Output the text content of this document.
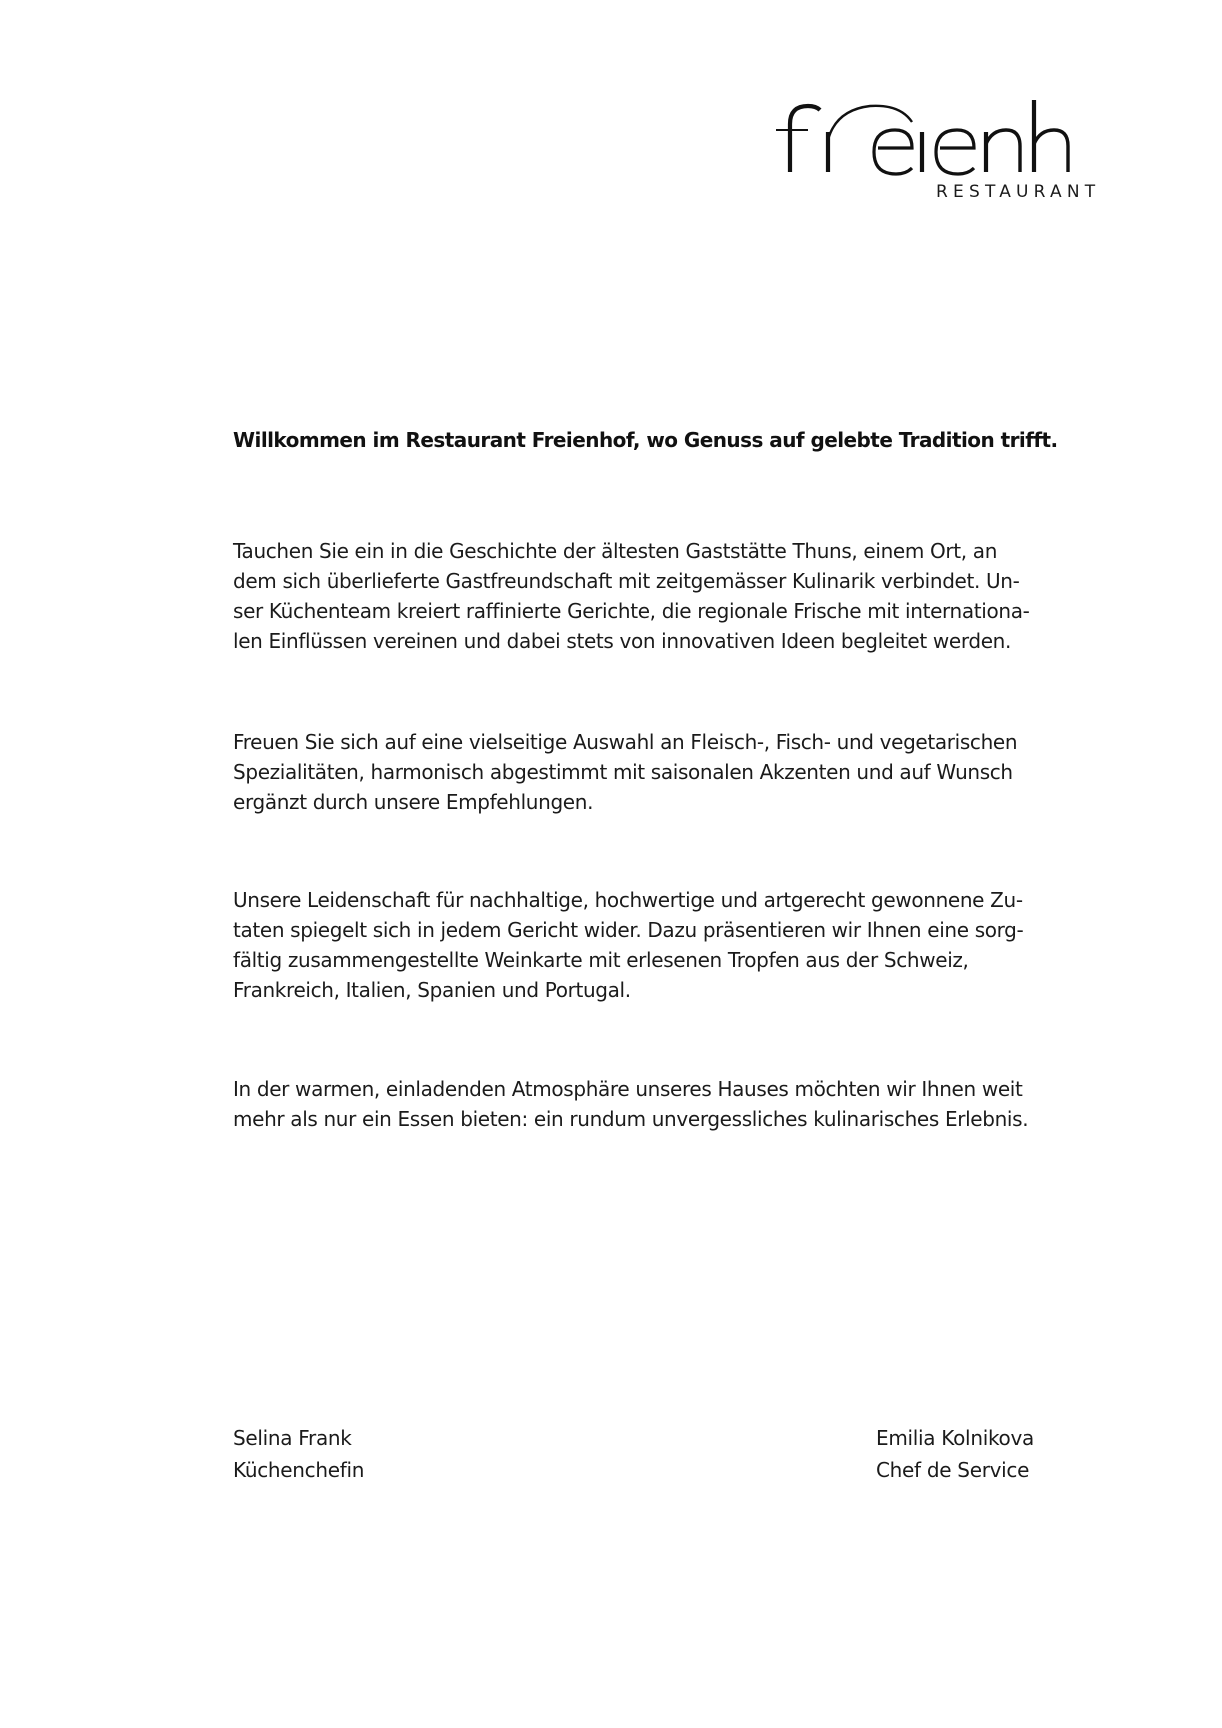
RESTAURANT
Willkommen im Restaurant Freienhof, wo Genuss auf gelebte Tradition trifft.
Tauchen Sie ein in die Geschichte der ältesten Gaststätte Thuns, einem Ort, an
dem sich überlieferte Gastfreundschaft mit zeitgemässer Kulinarik verbindet. Un-
ser Küchenteam kreiert raffinierte Gerichte, die regionale Frische mit internationa-
len Einflüssen vereinen und dabei stets von innovativen Ideen begleitet werden.
Freuen Sie sich auf eine vielseitige Auswahl an Fleisch-, Fisch- und vegetarischen
Spezialitäten, harmonisch abgestimmt mit saisonalen Akzenten und auf Wunsch
ergänzt durch unsere Empfehlungen.
Unsere Leidenschaft für nachhaltige, hochwertige und artgerecht gewonnene Zu-
taten spiegelt sich in jedem Gericht wider. Dazu präsentieren wir Ihnen eine sorg-
fältig zusammengestellte Weinkarte mit erlesenen Tropfen aus der Schweiz,
Frankreich, Italien, Spanien und Portugal.
In der warmen, einladenden Atmosphäre unseres Hauses möchten wir Ihnen weit
mehr als nur ein Essen bieten: ein rundum unvergessliches kulinarisches Erlebnis.
Selina Frank
Küchenchefin
Emilia Kolnikova
Chef de Service
